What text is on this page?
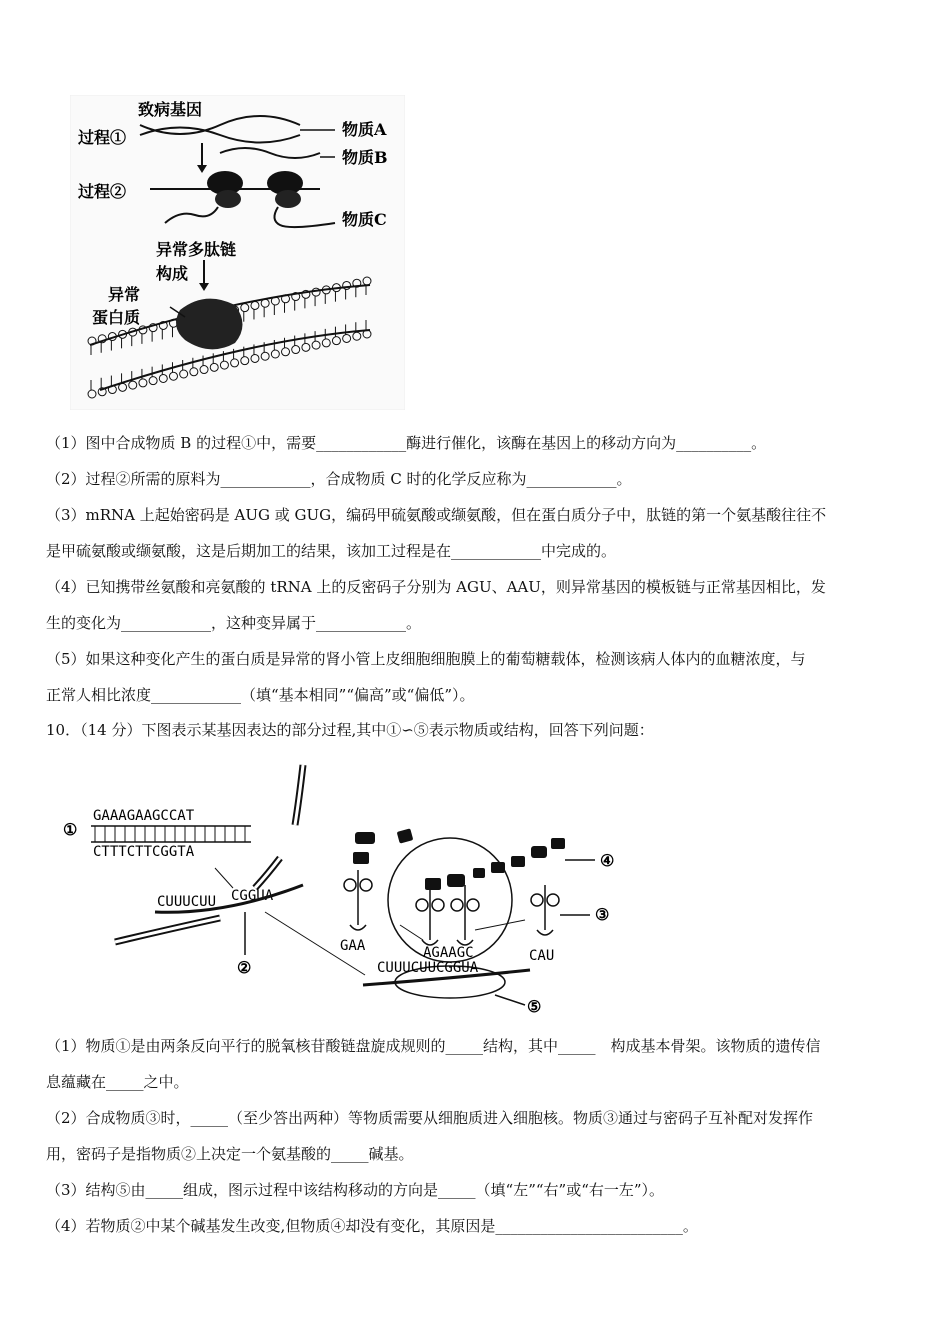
致病基因
过程①
过程②
物质A
物质B
物质C
异常多肽链
构成
异常
蛋白质
（1）图中合成物质 B 的过程①中，需要____________酶进行催化，该酶在基因上的移动方向为__________。
（2）过程②所需的原料为____________，合成物质 C 时的化学反应称为____________。
（3）mRNA 上起始密码是 AUG 或 GUG，编码甲硫氨酸或缬氨酸，但在蛋白质分子中，肽链的第一个氨基酸往往不
是甲硫氨酸或缬氨酸，这是后期加工的结果，该加工过程是在____________中完成的。
（4）已知携带丝氨酸和亮氨酸的 tRNA 上的反密码子分别为 AGU、AAU，则异常基因的模板链与正常基因相比，发
生的变化为____________，这种变异属于____________。
（5）如果这种变化产生的蛋白质是异常的肾小管上皮细胞细胞膜上的葡萄糖载体，检测该病人体内的血糖浓度，与
正常人相比浓度____________（填“基本相同”“偏高”或“偏低”）。
10．（14 分）下图表示某基因表达的部分过程,其中①∽⑤表示物质或结构，回答下列问题：
①
GAAAGAAGCCAT
CTTTCTTCGGTA
CUUUCUU CGGUA
②	CUUUCUUCGGUA
GAA	AGAAGC	CAU
④
③
⑤
（1）物质①是由两条反向平行的脱氧核苷酸链盘旋成规则的_____结构，其中_____　构成基本骨架。该物质的遗传信
息蕴藏在_____之中。
（2）合成物质③时，_____（至少答出两种）等物质需要从细胞质进入细胞核。物质③通过与密码子互补配对发挥作
用，密码子是指物质②上决定一个氨基酸的_____碱基。
（3）结构⑤由_____组成，图示过程中该结构移动的方向是_____（填“左”“右”或“右一左”）。
（4）若物质②中某个碱基发生改变,但物质④却没有变化，其原因是_________________________。
